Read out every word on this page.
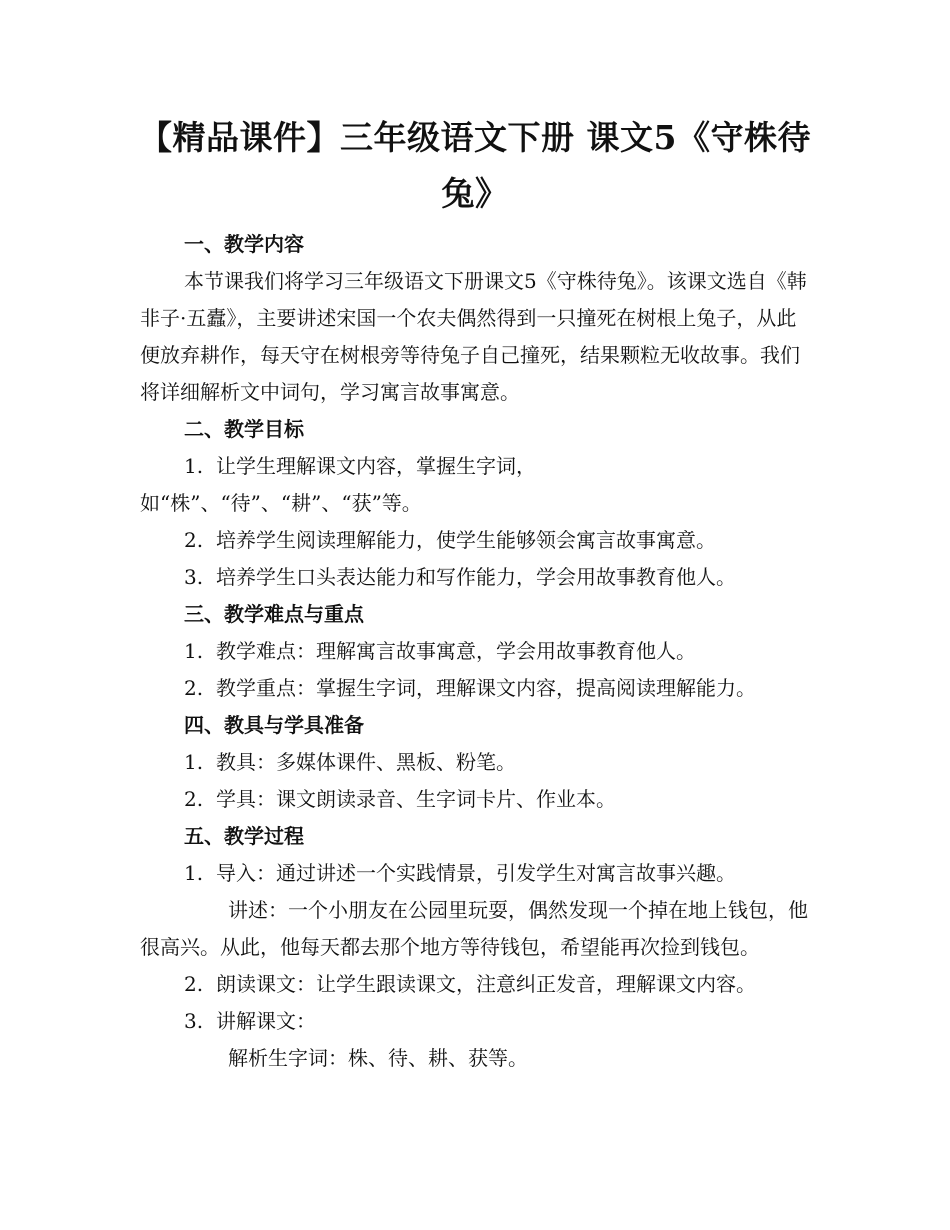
【精品课件】三年级语文下册 课文5《守株待兔》

一、教学内容

本节课我们将学习三年级语文下册课文5《守株待兔》。该课文选自《韩非子·五蠹》，主要讲述宋国一个农夫偶然得到一只撞死在树根上兔子，从此便放弃耕作，每天守在树根旁等待兔子自己撞死，结果颗粒无收故事。我们将详细解析文中词句，学习寓言故事寓意。

二、教学目标

1. 让学生理解课文内容，掌握生字词，如“株”、“待”、“耕”、“获”等。

2. 培养学生阅读理解能力，使学生能够领会寓言故事寓意。

3. 培养学生口头表达能力和写作能力，学会用故事教育他人。

三、教学难点与重点

1. 教学难点：理解寓言故事寓意，学会用故事教育他人。

2. 教学重点：掌握生字词，理解课文内容，提高阅读理解能力。

四、教具与学具准备

1. 教具：多媒体课件、黑板、粉笔。

2. 学具：课文朗读录音、生字词卡片、作业本。

五、教学过程

1. 导入：通过讲述一个实践情景，引发学生对寓言故事兴趣。

讲述：一个小朋友在公园里玩耍，偶然发现一个掉在地上钱包，他很高兴。从此，他每天都去那个地方等待钱包，希望能再次捡到钱包。

2. 朗读课文：让学生跟读课文，注意纠正发音，理解课文内容。

3. 讲解课文：

解析生字词：株、待、耕、获等。
